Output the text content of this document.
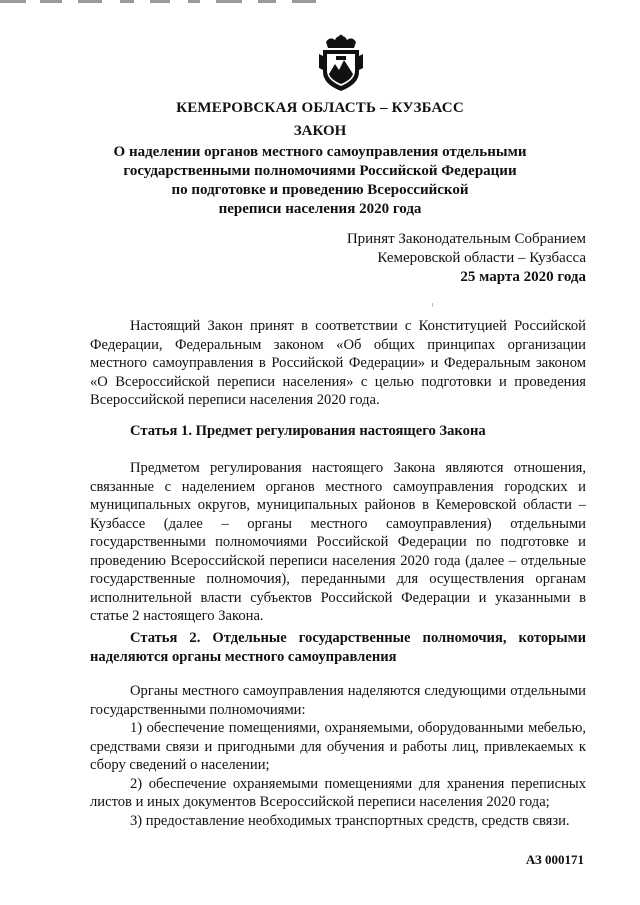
КЕМЕРОВСКАЯ ОБЛАСТЬ – КУЗБАСС
ЗАКОН
О наделении органов местного самоуправления отдельными
государственными полномочиями Российской Федерации
по подготовке и проведению Всероссийской
переписи населения 2020 года
Принят Законодательным Собранием
Кемеровской области – Кузбасса
25 марта 2020 года
Настоящий Закон принят в соответствии с Конституцией Российской Федерации, Федеральным законом «Об общих принципах организации местного самоуправления в Российской Федерации» и Федеральным законом «О Всероссийской переписи населения» с целью подготовки и проведения Всероссийской переписи населения 2020 года.
Статья 1. Предмет регулирования настоящего Закона
Предметом регулирования настоящего Закона являются отношения, связанные с наделением органов местного самоуправления городских и муниципальных округов, муниципальных районов в Кемеровской области – Кузбассе (далее – органы местного самоуправления) отдельными государственными полномочиями Российской Федерации по подготовке и проведению Всероссийской переписи населения 2020 года (далее – отдельные государственные полномочия), переданными для осуществления органам исполнительной власти субъектов Российской Федерации и указанными в статье 2 настоящего Закона.
Статья 2. Отдельные государственные полномочия, которыми наделяются органы местного самоуправления
Органы местного самоуправления наделяются следующими отдельными государственными полномочиями:
1) обеспечение помещениями, охраняемыми, оборудованными мебелью, средствами связи и пригодными для обучения и работы лиц, привлекаемых к сбору сведений о населении;
2) обеспечение охраняемыми помещениями для хранения переписных листов и иных документов Всероссийской переписи населения 2020 года;
3) предоставление необходимых транспортных средств, средств связи.
АЗ 000171
